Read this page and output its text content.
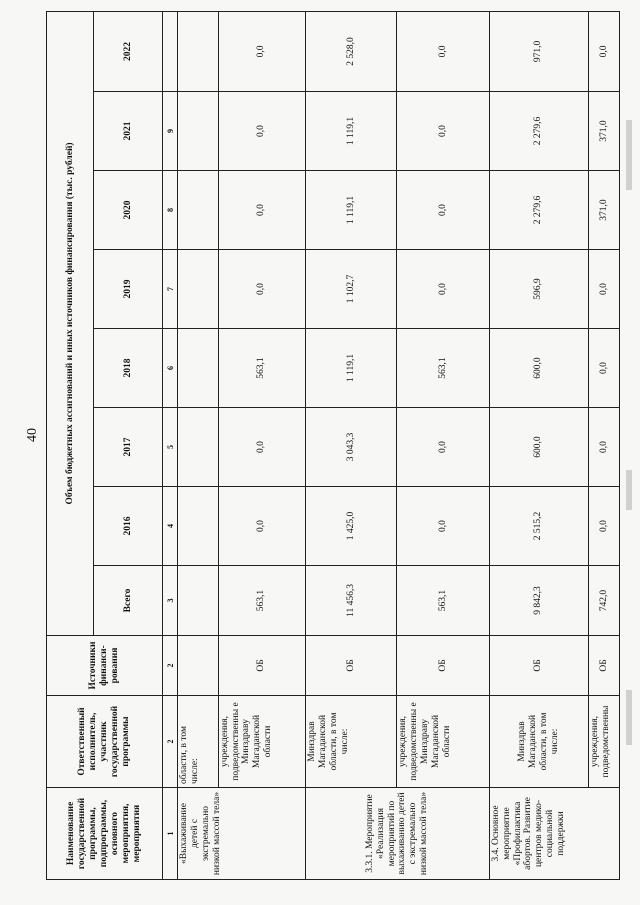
40
Наименование государственной программы, подпрограммы, основного мероприятия, мероприятия	Ответственный исполнитель, участник государственной программы	Источники финанси-рования	Объем бюджетных ассигнований и иных источников финансирования (тыс. рублей)							
			Всего	2016	2017	2018	2019	2020	2021	2022
1	2	2	3	4	5	6	7	8	9	
«Выхаживание детей с экстремально низкой массой тела»	области, в том числе:									
	учреждения, подведомственны е Минздраву Магаданской области	ОБ	563,1	0,0	0,0	563,1	0,0	0,0	0,0	0,0
3.3.1. Мероприятие «Реализация мероприятий по выхаживанию детей с экстремально низкой массой тела»	Минздрав Магаданской области, в том числе:	ОБ	11 456,3	1 425,0	3 043,3	1 119,1	1 102,7	1 119,1	1 119,1	2 528,0
	учреждения, подведомственны е Минздраву Магаданской области	ОБ	563,1	0,0	0,0	563,1	0,0	0,0	0,0	0,0
3.4. Основное мероприятие «Профилактика абортов. Развитие центров медико-социальной поддержки	Минздрав Магаданской области, в том числе:	ОБ	9 842,3	2 515,2	600,0	600,0	596,9	2 279,6	2 279,6	971,0
	учреждения, подведомственны	ОБ	742,0	0,0	0,0	0,0	0,0	371,0	371,0	0,0
